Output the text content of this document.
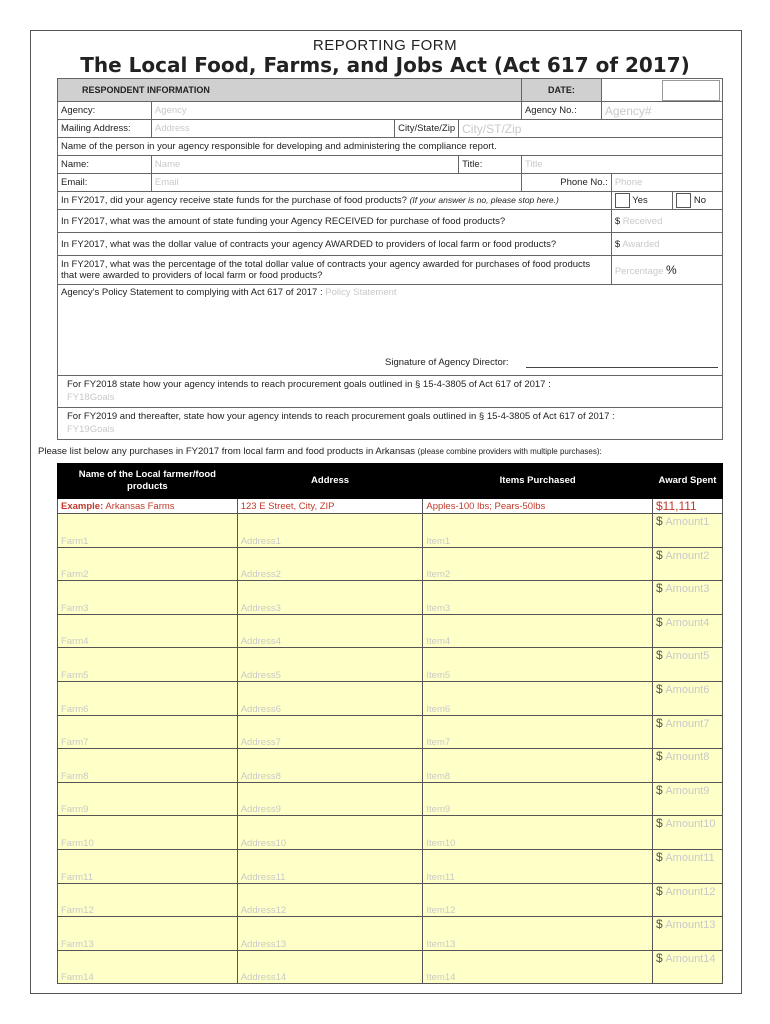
REPORTING FORM
The Local Food, Farms, and Jobs Act (Act 617 of 2017)
RESPONDENT INFORMATION				DATE:			

Agency:	Agency			Agency No.:	Agency#		
Mailing Address:	Address	City/State/Zip	City/ST/Zip				
Name of the person in your agency responsible for developing and administering the compliance report.							
Name:	Name		Title:	Title			
Email:	Email			Phone No.:		Phone	
In FY2017, did your agency receive state funds for the purchase of food products? (If your answer is no, please stop here.)						Yes	No
In FY2017, what was the amount of state funding your Agency RECEIVED for purchase of food products?						$ Received	
In FY2017, what was the dollar value of contracts your agency AWARDED to providers of local farm or food products?						$ Awarded	
In FY2017, what was the percentage of the total dollar value of contracts your agency awarded for purchases of food products that were awarded to providers of local farm or food products?						Percentage %	
Agency's Policy Statement to complying with Act 617 of 2017 : Policy Statement
Signature of Agency Director:							

For FY2018 state how your agency intends to reach procurement goals outlined in § 15-4-3805 of Act 617 of 2017 :
FY18Goals							

For FY2019 and thereafter, state how your agency intends to reach procurement goals outlined in § 15-4-3805 of Act 617 of 2017 :
FY19Goals							
Please list below any purchases in FY2017 from local farm and food products in Arkansas (please combine providers with multiple purchases):
Name of the Local farmer/food products	Address	Items Purchased	Award Spent
Example: Arkansas Farms	123 E Street, City, ZIP	Apples-100 lbs; Pears-50lbs	$11,111
Farm1	Address1	Item1	$ Amount1
Farm2	Address2	Item2	$ Amount2
Farm3	Address3	Item3	$ Amount3
Farm4	Address4	Item4	$ Amount4
Farm5	Address5	Item5	$ Amount5
Farm6	Address6	Item6	$ Amount6
Farm7	Address7	Item7	$ Amount7
Farm8	Address8	Item8	$ Amount8
Farm9	Address9	Item9	$ Amount9
Farm10	Address10	Item10	$ Amount10
Farm11	Address11	Item11	$ Amount11
Farm12	Address12	Item12	$ Amount12
Farm13	Address13	Item13	$ Amount13
Farm14	Address14	Item14	$ Amount14
